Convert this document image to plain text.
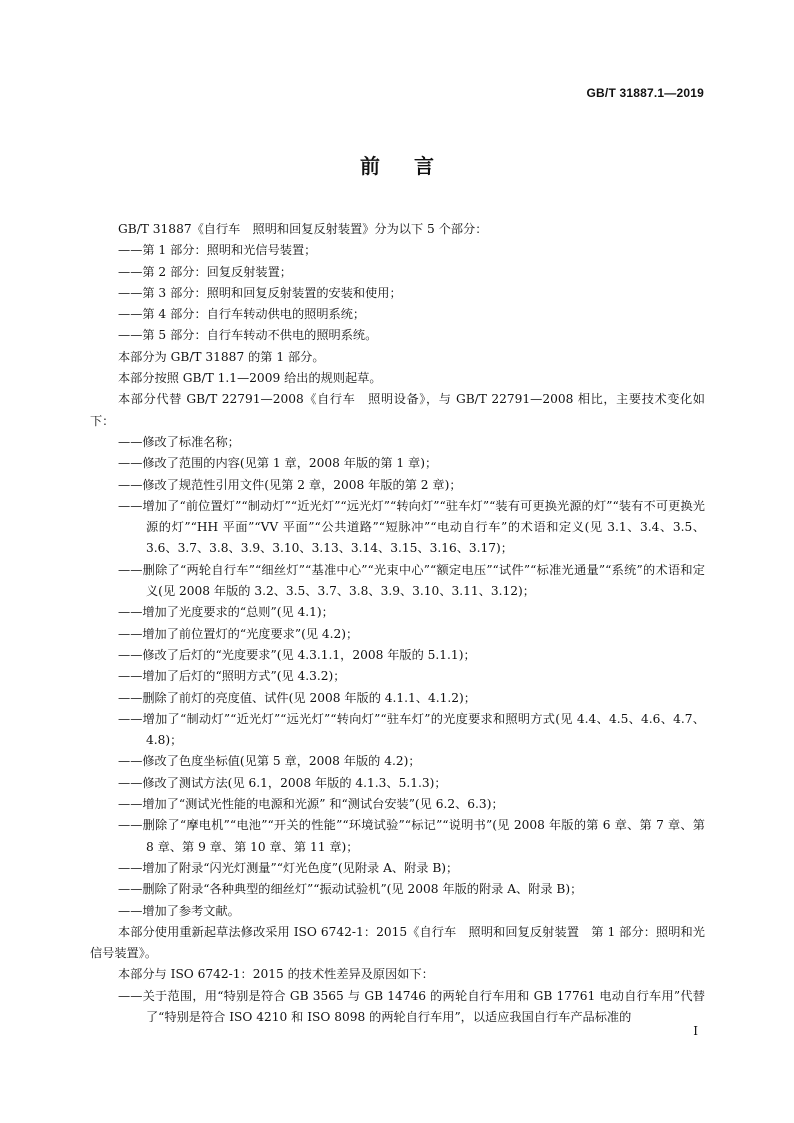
GB/T 31887.1—2019
前言

GB/T 31887《自行车　照明和回复反射装置》分为以下 5 个部分：

——第 1 部分：照明和光信号装置；

——第 2 部分：回复反射装置；

——第 3 部分：照明和回复反射装置的安装和使用；

——第 4 部分：自行车转动供电的照明系统；

——第 5 部分：自行车转动不供电的照明系统。

本部分为 GB/T 31887 的第 1 部分。

本部分按照 GB/T 1.1—2009 给出的规则起草。

本部分代替 GB/T 22791—2008《自行车　照明设备》，与 GB/T 22791—2008 相比，主要技术变化如下：

——修改了标准名称；

——修改了范围的内容(见第 1 章，2008 年版的第 1 章)；

——修改了规范性引用文件(见第 2 章，2008 年版的第 2 章)；

——增加了“前位置灯”“制动灯”“近光灯”“远光灯”“转向灯”“驻车灯”“装有可更换光源的灯”“装有不可更换光源的灯”“HH 平面”“VV 平面”“公共道路”“短脉冲”“电动自行车”的术语和定义(见 3.1、3.4、3.5、3.6、3.7、3.8、3.9、3.10、3.13、3.14、3.15、3.16、3.17)；

——删除了“两轮自行车”“细丝灯”“基准中心”“光束中心”“额定电压”“试件”“标准光通量”“系统”的术语和定义(见 2008 年版的 3.2、3.5、3.7、3.8、3.9、3.10、3.11、3.12)；

——增加了光度要求的“总则”(见 4.1)；

——增加了前位置灯的“光度要求”(见 4.2)；

——修改了后灯的“光度要求”(见 4.3.1.1，2008 年版的 5.1.1)；

——增加了后灯的“照明方式”(见 4.3.2)；

——删除了前灯的亮度值、试件(见 2008 年版的 4.1.1、4.1.2)；

——增加了“制动灯”“近光灯”“远光灯”“转向灯”“驻车灯”的光度要求和照明方式(见 4.4、4.5、4.6、4.7、4.8)；

——修改了色度坐标值(见第 5 章，2008 年版的 4.2)；

——修改了测试方法(见 6.1，2008 年版的 4.1.3、5.1.3)；

——增加了“测试光性能的电源和光源” 和“测试台安装”(见 6.2、6.3)；

——删除了“摩电机”“电池”“开关的性能”“环境试验”“标记”“说明书”(见 2008 年版的第 6 章、第 7 章、第 8 章、第 9 章、第 10 章、第 11 章)；

——增加了附录“闪光灯测量”“灯光色度”(见附录 A、附录 B)；

——删除了附录“各种典型的细丝灯”“振动试验机”(见 2008 年版的附录 A、附录 B)；

——增加了参考文献。

本部分使用重新起草法修改采用 ISO 6742-1：2015《自行车　照明和回复反射装置　第 1 部分：照明和光信号装置》。

本部分与 ISO 6742-1：2015 的技术性差异及原因如下：

——关于范围，用“特别是符合 GB 3565 与 GB 14746 的两轮自行车用和 GB 17761 电动自行车用”代替了“特别是符合 ISO 4210 和 ISO 8098 的两轮自行车用”，以适应我国自行车产品标准的

I
